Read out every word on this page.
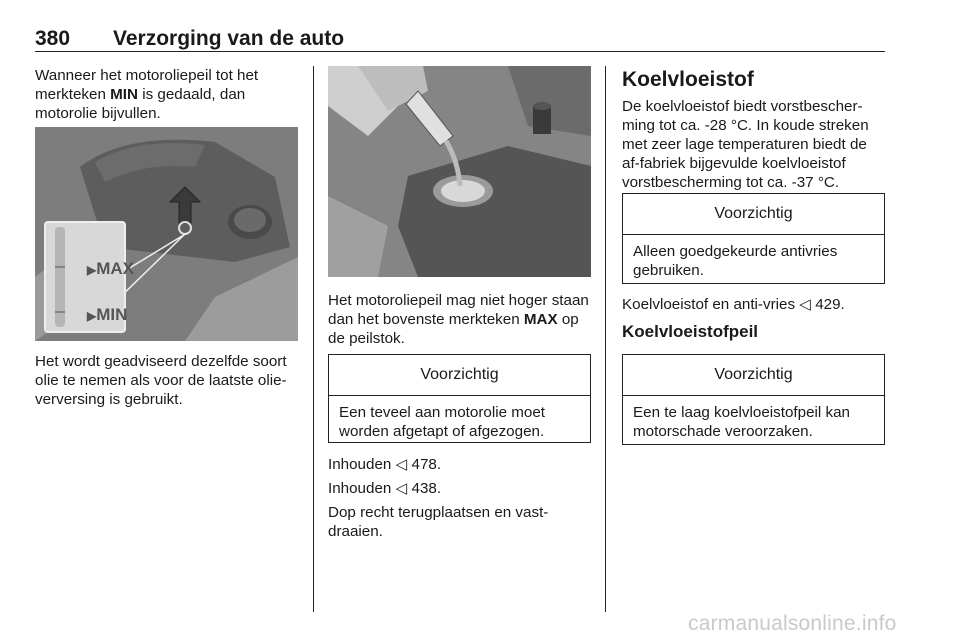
380 Verzorging van de auto
Wanneer het motoroliepeil tot het merkteken MIN is gedaald, dan motorolie bijvullen.
▶MAX
▶MIN
Het wordt geadviseerd dezelfde soort olie te nemen als voor de laatste olieverversing is gebruikt.
Het motoroliepeil mag niet hoger staan dan het bovenste merkteken MAX op de peilstok.
Voorzichtig
Een teveel aan motorolie moet worden afgetapt of afgezogen.
Inhouden ◁ 478.
Inhouden ◁ 438.
Dop recht terugplaatsen en vastdraaien.
Koelvloeistof
De koelvloeistof biedt vorstbescherming tot ca. -28 °C. In koude streken met zeer lage temperaturen biedt de af-fabriek bijgevulde koelvloeistof vorstbescherming tot ca. -37 °C.
Voorzichtig
Alleen goedgekeurde antivries gebruiken.
Koelvloeistof en anti-vries ◁ 429.
Koelvloeistofpeil
Voorzichtig
Een te laag koelvloeistofpeil kan motorschade veroorzaken.
carmanualsonline.info
